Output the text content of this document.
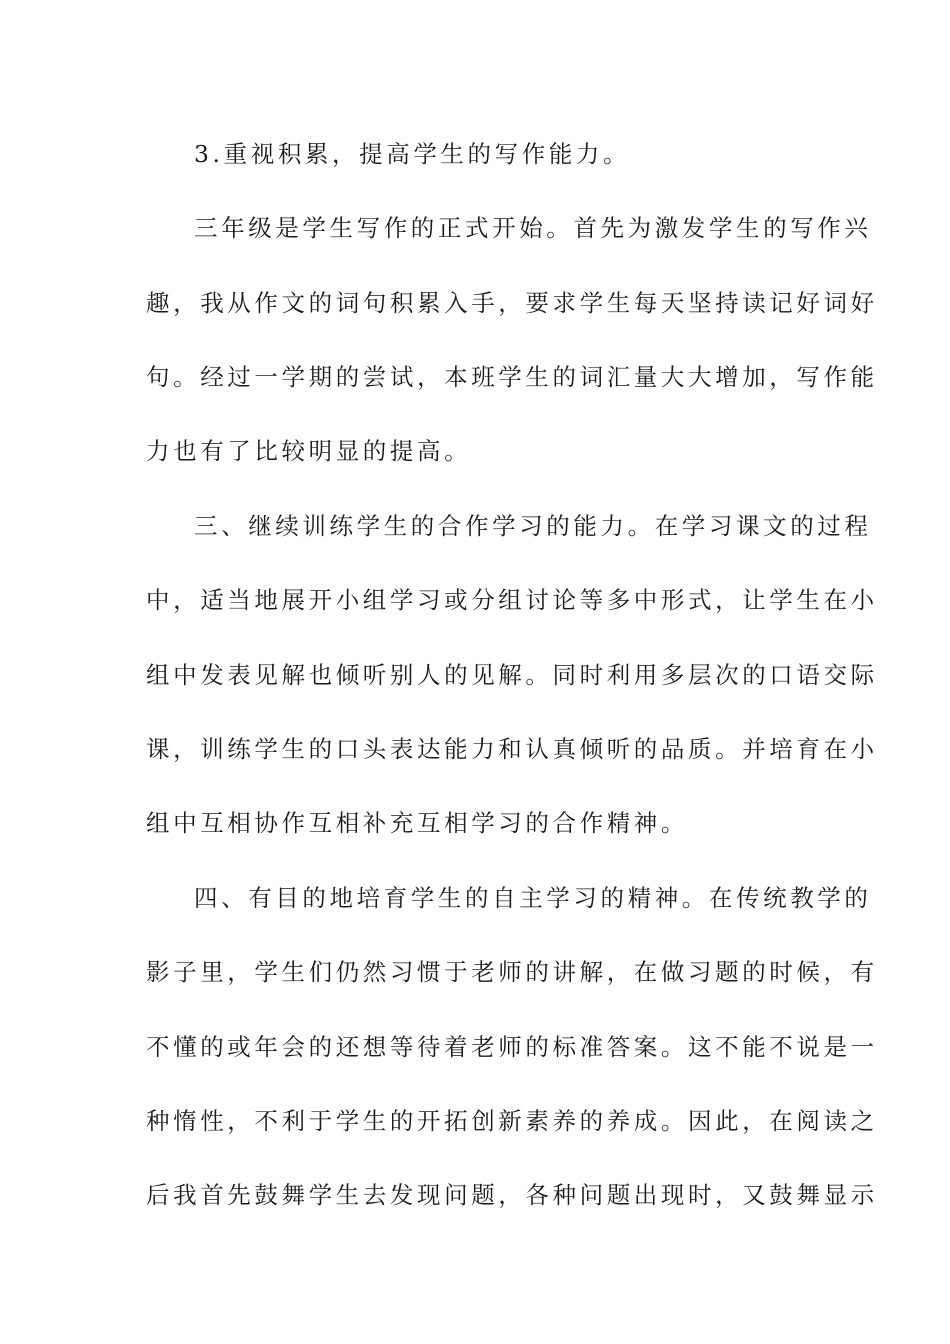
3.重视积累，提高学生的写作能力。
三年级是学生写作的正式开始。首先为激发学生的写作兴
趣，我从作文的词句积累入手，要求学生每天坚持读记好词好
句。经过一学期的尝试，本班学生的词汇量大大增加，写作能
力也有了比较明显的提高。
三、继续训练学生的合作学习的能力。在学习课文的过程
中，适当地展开小组学习或分组讨论等多中形式，让学生在小
组中发表见解也倾听别人的见解。同时利用多层次的口语交际
课，训练学生的口头表达能力和认真倾听的品质。并培育在小
组中互相协作互相补充互相学习的合作精神。
四、有目的地培育学生的自主学习的精神。在传统教学的
影子里，学生们仍然习惯于老师的讲解，在做习题的时候，有
不懂的或年会的还想等待着老师的标准答案。这不能不说是一
种惰性，不利于学生的开拓创新素养的养成。因此，在阅读之
后我首先鼓舞学生去发现问题，各种问题出现时，又鼓舞显示
